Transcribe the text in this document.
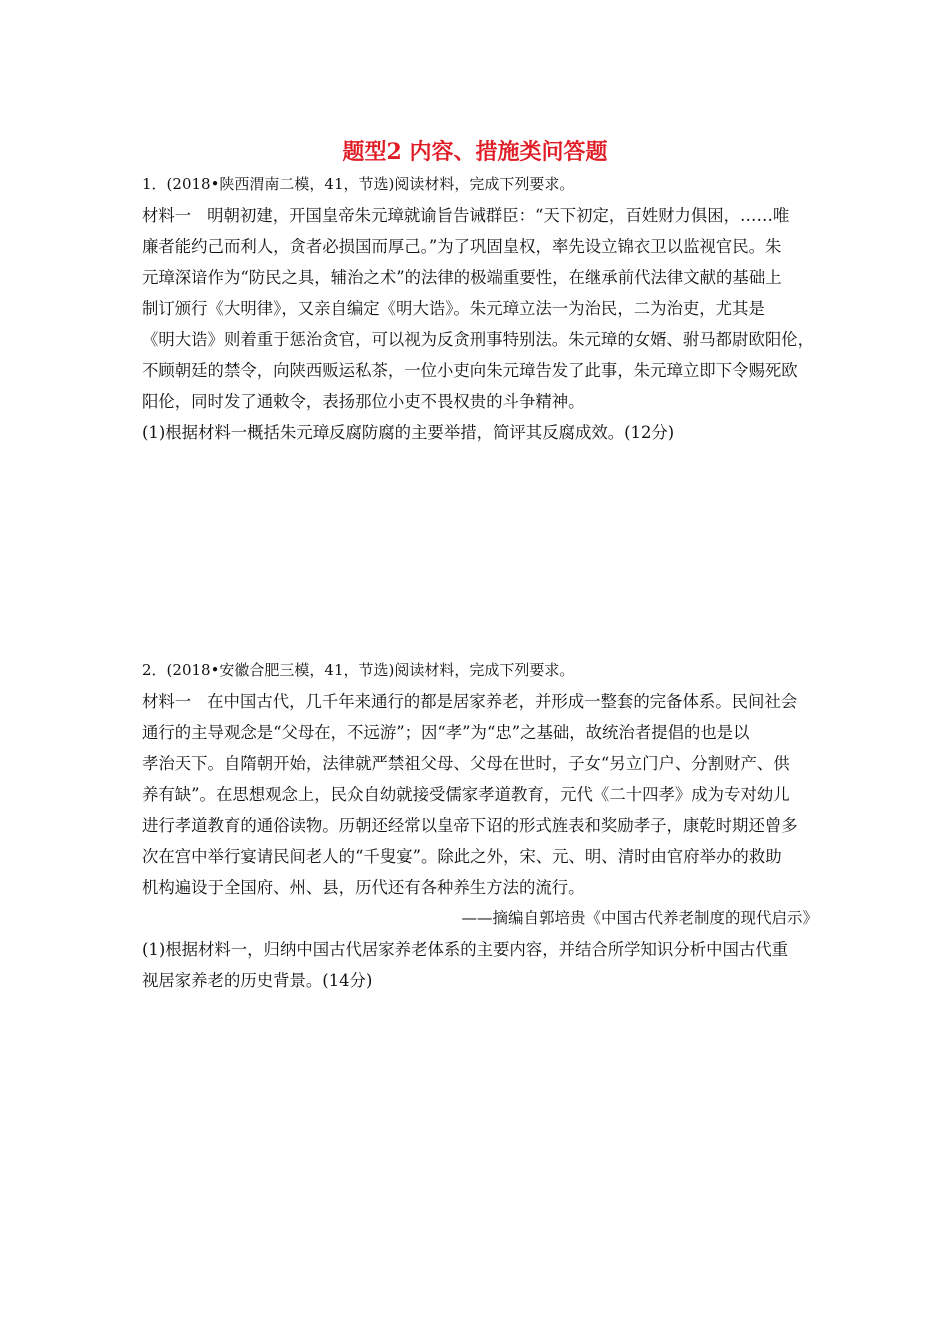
题型2 内容、措施类问答题

1．(2018•陕西渭南二模，41，节选)阅读材料，完成下列要求。

材料一 明朝初建，开国皇帝朱元璋就谕旨告诫群臣：“天下初定，百姓财力俱困，……唯

廉者能约己而利人，贪者必损国而厚己。”为了巩固皇权，率先设立锦衣卫以监视官民。朱

元璋深谙作为“防民之具，辅治之术”的法律的极端重要性，在继承前代法律文献的基础上

制订颁行《大明律》，又亲自编定《明大诰》。朱元璋立法一为治民，二为治吏，尤其是

《明大诰》则着重于惩治贪官，可以视为反贪刑事特别法。朱元璋的女婿、驸马都尉欧阳伦，

不顾朝廷的禁令，向陕西贩运私茶，一位小吏向朱元璋告发了此事，朱元璋立即下令赐死欧

阳伦，同时发了通敕令，表扬那位小吏不畏权贵的斗争精神。

(1)根据材料一概括朱元璋反腐防腐的主要举措，简评其反腐成效。(12分)

2．(2018•安徽合肥三模，41，节选)阅读材料，完成下列要求。

材料一 在中国古代，几千年来通行的都是居家养老，并形成一整套的完备体系。民间社会

通行的主导观念是“父母在，不远游”；因“孝”为“忠”之基础，故统治者提倡的也是以

孝治天下。自隋朝开始，法律就严禁祖父母、父母在世时，子女“另立门户、分割财产、供

养有缺”。在思想观念上，民众自幼就接受儒家孝道教育，元代《二十四孝》成为专对幼儿

进行孝道教育的通俗读物。历朝还经常以皇帝下诏的形式旌表和奖励孝子，康乾时期还曾多

次在宫中举行宴请民间老人的“千叟宴”。除此之外，宋、元、明、清时由官府举办的救助

机构遍设于全国府、州、县，历代还有各种养生方法的流行。

——摘编自郭培贵《中国古代养老制度的现代启示》

(1)根据材料一，归纳中国古代居家养老体系的主要内容，并结合所学知识分析中国古代重

视居家养老的历史背景。(14分)
